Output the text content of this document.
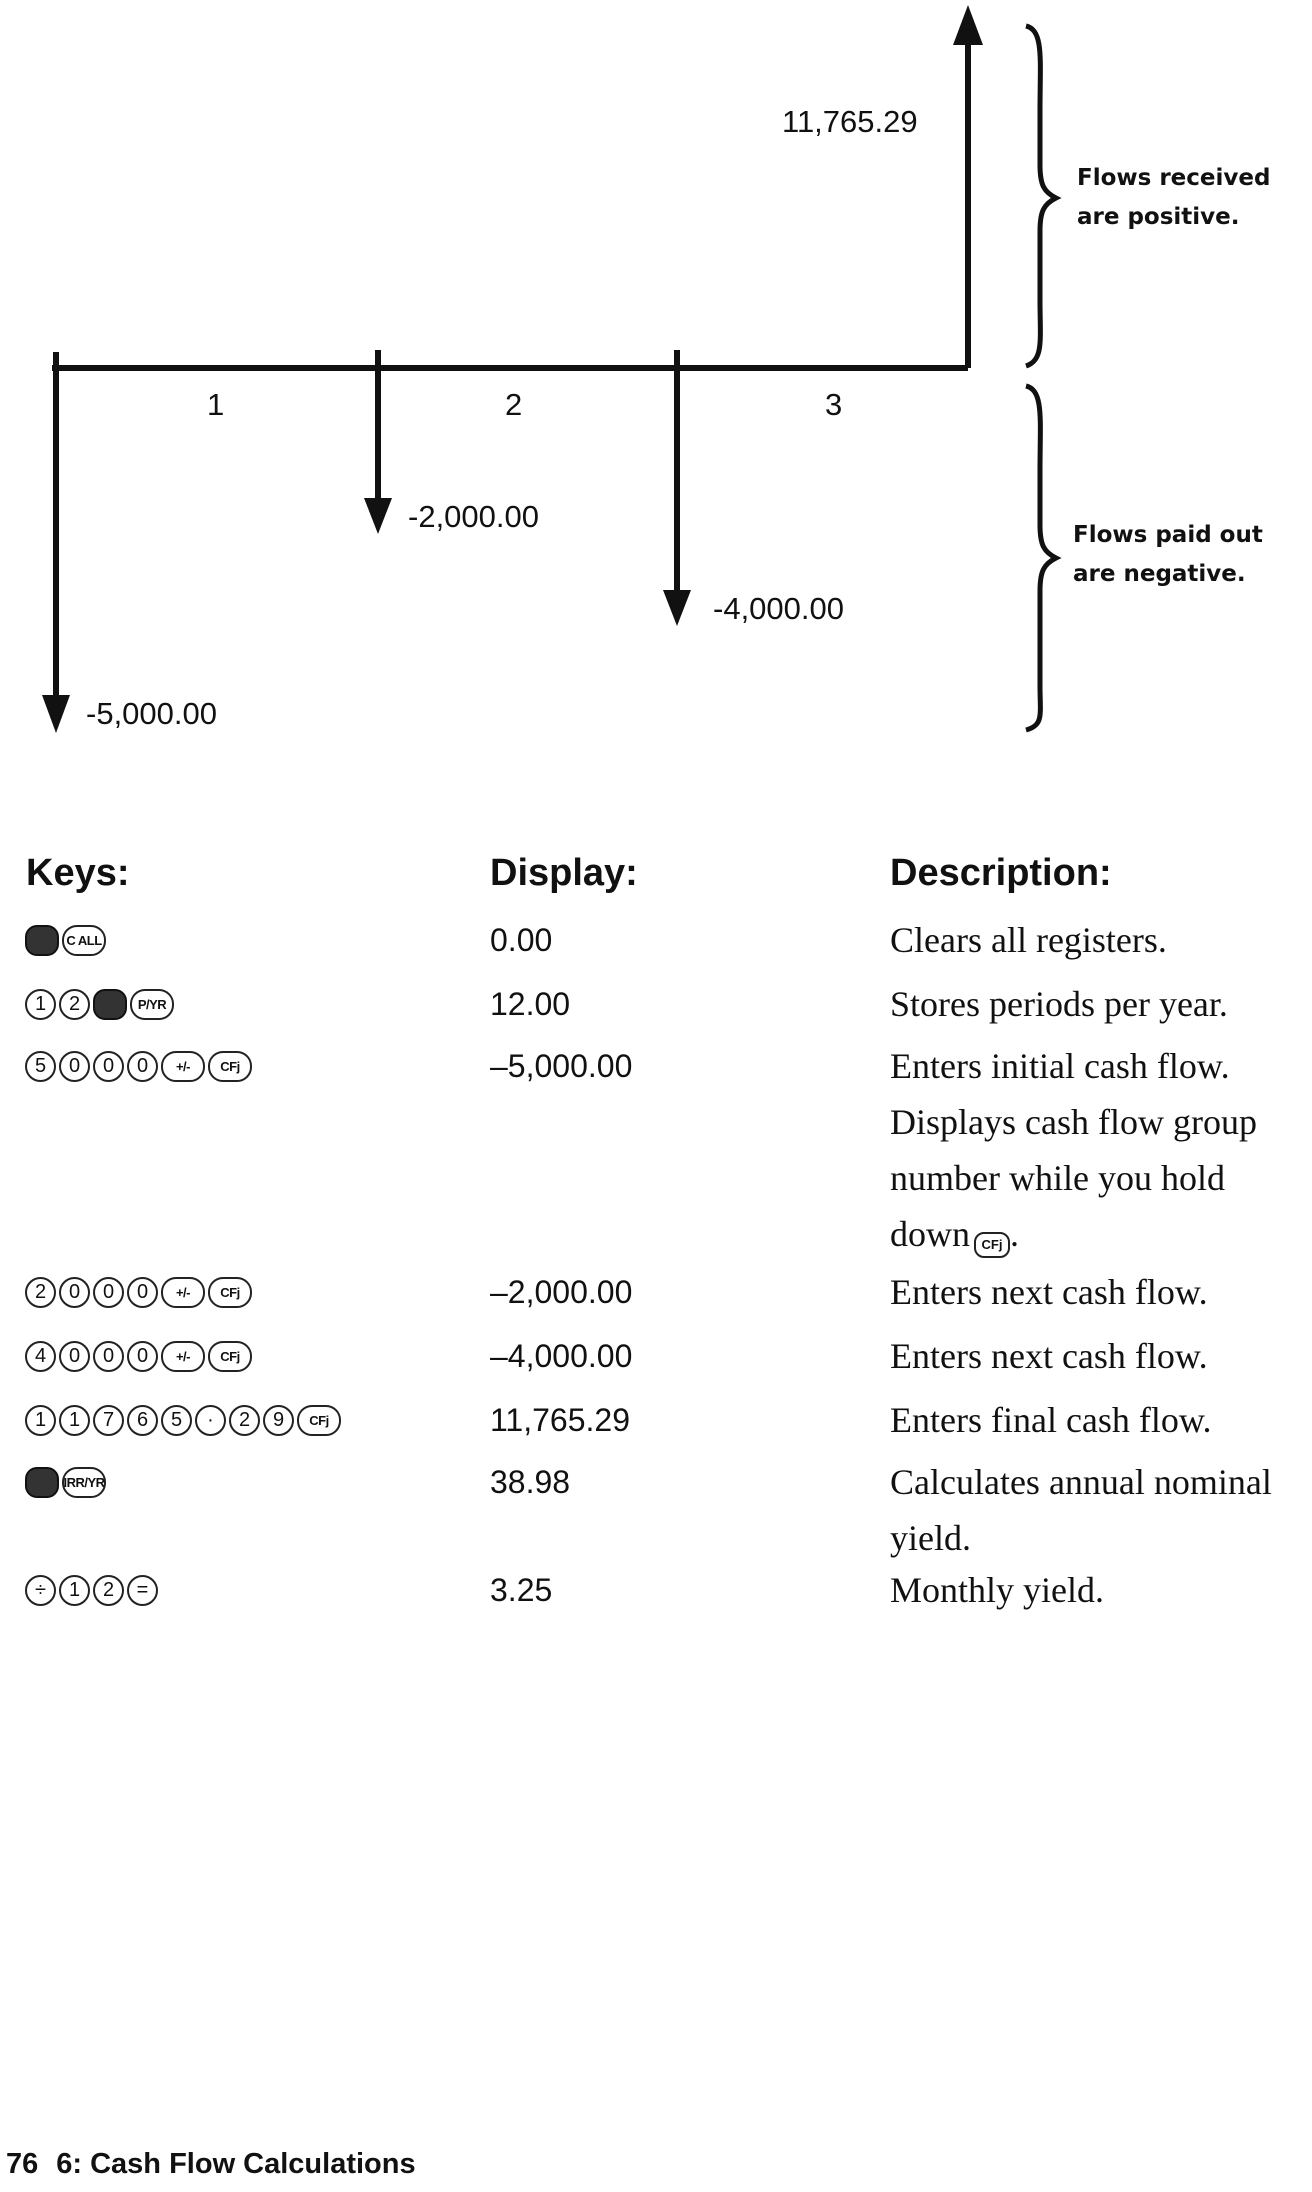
11,765.29
-5,000.00
-2,000.00
-4,000.00
1	2	3
Flows received
are positive.
Flows paid out
are negative.
Keys:	Display:	Description:
C ALL	0.00	Clears all registers.
1	2	P/YR	12.00	Stores periods per year.
5	0	0	0	+/-	CFj	–5,000.00	Enters initial cash flow.
Displays cash flow group number while you hold down CFj .
2	0	0	0	+/-	CFj	–2,000.00	Enters next cash flow.
4	0	0	0	+/-	CFj	–4,000.00	Enters next cash flow.
1	1	7	6	5	·	2	9	CFj	11,765.29	Enters final cash flow.
IRR/YR	38.98	Calculates annual nominal yield.
÷	1	2	=	3.25	Monthly yield.

76 6: Cash Flow Calculations
